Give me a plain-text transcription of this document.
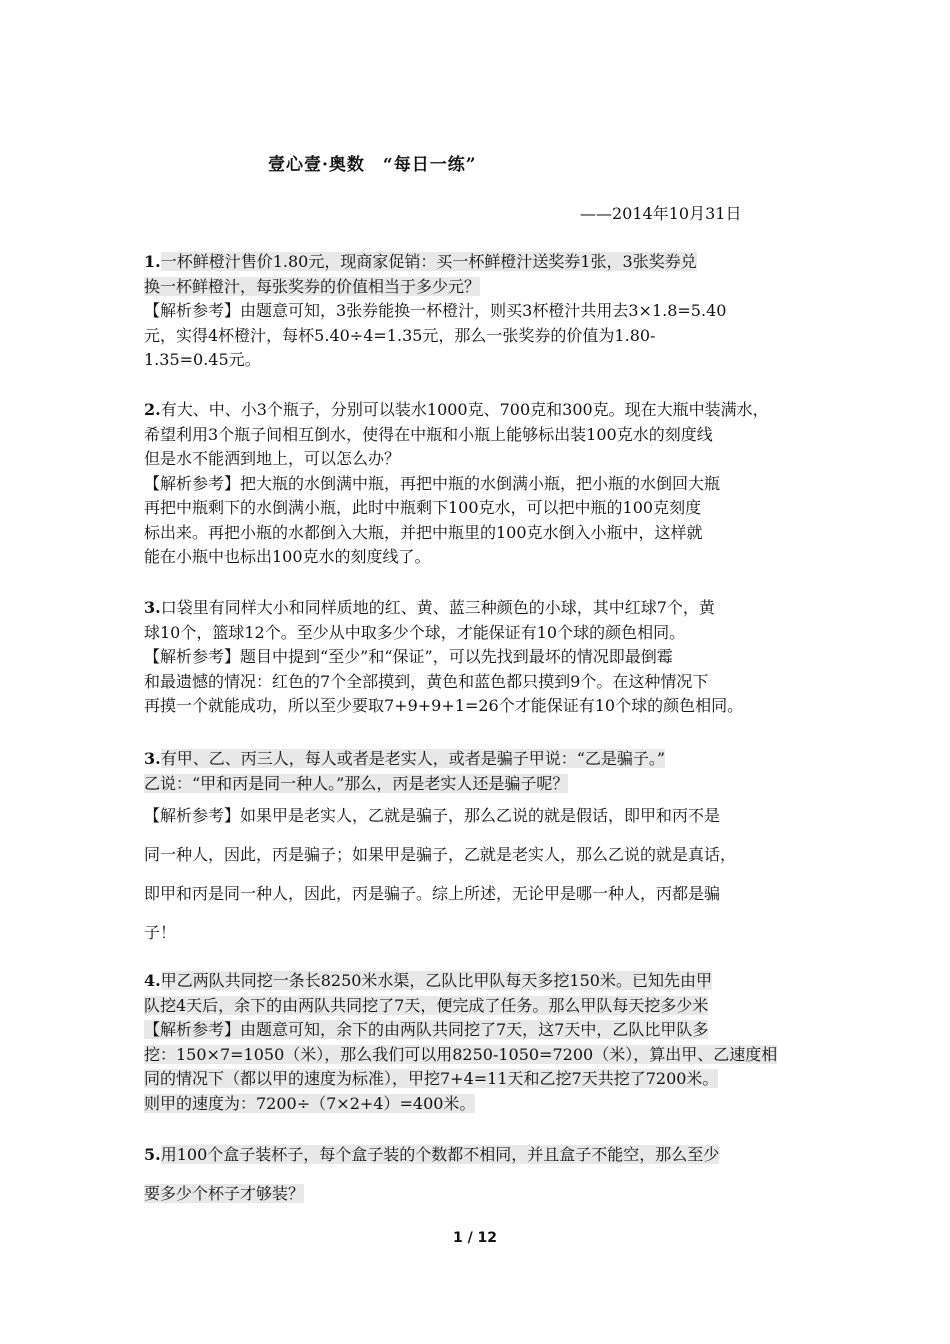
壹心壹·奥数　“每日一练”
——2014年10月31日
1.一杯鲜橙汁售价1.80元，现商家促销：买一杯鲜橙汁送奖券1张，3张奖券兑
换一杯鲜橙汁，每张奖券的价值相当于多少元？
【解析参考】由题意可知，3张券能换一杯橙汁，则买3杯橙汁共用去3×1.8=5.40
元，实得4杯橙汁，每杯5.40÷4=1.35元，那么一张奖券的价值为1.80-
1.35=0.45元。
2.有大、中、小3个瓶子，分别可以装水1000克、700克和300克。现在大瓶中装满水，
希望利用3个瓶子间相互倒水，使得在中瓶和小瓶上能够标出装100克水的刻度线
但是水不能洒到地上，可以怎么办？
【解析参考】把大瓶的水倒满中瓶，再把中瓶的水倒满小瓶，把小瓶的水倒回大瓶
再把中瓶剩下的水倒满小瓶，此时中瓶剩下100克水，可以把中瓶的100克刻度
标出来。再把小瓶的水都倒入大瓶，并把中瓶里的100克水倒入小瓶中，这样就
能在小瓶中也标出100克水的刻度线了。
3.口袋里有同样大小和同样质地的红、黄、蓝三种颜色的小球，其中红球7个，黄
球10个，篮球12个。至少从中取多少个球，才能保证有10个球的颜色相同。
【解析参考】题目中提到“至少”和“保证”，可以先找到最坏的情况即最倒霉
和最遗憾的情况：红色的7个全部摸到，黄色和蓝色都只摸到9个。在这种情况下
再摸一个就能成功，所以至少要取7+9+9+1=26个才能保证有10个球的颜色相同。
3.有甲、乙、丙三人，每人或者是老实人，或者是骗子甲说：“乙是骗子。”
乙说：“甲和丙是同一种人。”那么，丙是老实人还是骗子呢？
【解析参考】如果甲是老实人，乙就是骗子，那么乙说的就是假话，即甲和丙不是
同一种人，因此，丙是骗子；如果甲是骗子，乙就是老实人，那么乙说的就是真话，
即甲和丙是同一种人，因此，丙是骗子。综上所述，无论甲是哪一种人，丙都是骗
子！
4.甲乙两队共同挖一条长8250米水渠，乙队比甲队每天多挖150米。已知先由甲
队挖4天后，余下的由两队共同挖了7天，便完成了任务。那么甲队每天挖多少米
【解析参考】由题意可知，余下的由两队共同挖了7天，这7天中，乙队比甲队多
挖：150×7=1050（米），那么我们可以用8250-1050=7200（米），算出甲、乙速度相
同的情况下（都以甲的速度为标准），甲挖7+4=11天和乙挖7天共挖了7200米。
则甲的速度为：7200÷（7×2+4）=400米。
5.用100个盒子装杯子，每个盒子装的个数都不相同，并且盒子不能空，那么至少
要多少个杯子才够装？
1 / 12
